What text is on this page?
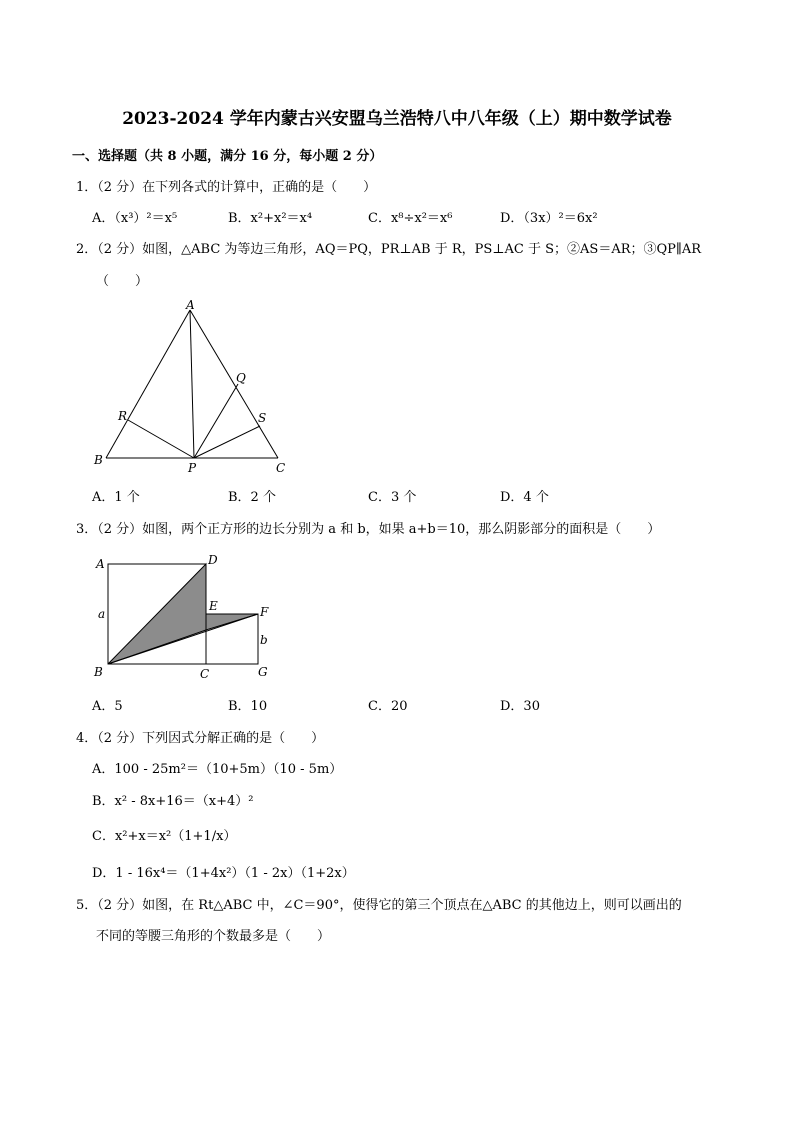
2023-2024 学年内蒙古兴安盟乌兰浩特八中八年级（上）期中数学试卷
一、选择题（共 8 小题，满分 16 分，每小题 2 分）
1．（2 分）在下列各式的计算中，正确的是（　　）
A．（x³）²＝x⁵	B．x²+x²＝x⁴	C．x⁸÷x²＝x⁶	D．（3x）²＝6x²
2．（2 分）如图，△ABC 为等边三角形，AQ＝PQ，PR⊥AB 于 R，PS⊥AC 于 S；②AS＝AR；③QP∥AR
（　　）
A
B
C
P
Q
R	S
A．1 个	B．2 个	C．3 个	D．4 个
3．（2 分）如图，两个正方形的边长分别为 a 和 b，如果 a+b＝10，那么阴影部分的面积是（　　）
A
B	C
D
E	F
G
a
b
A．5	B．10	C．20	D．30
4．（2 分）下列因式分解正确的是（　　）
A．100 - 25m²＝（10+5m）（10 - 5m）
B．x² - 8x+16＝（x+4）²
C．x²+x＝x²（1+1/x）
D．1 - 16x⁴＝（1+4x²）（1 - 2x）（1+2x）
5．（2 分）如图，在 Rt△ABC 中，∠C＝90°，使得它的第三个顶点在△ABC 的其他边上，则可以画出的
不同的等腰三角形的个数最多是（　　）
